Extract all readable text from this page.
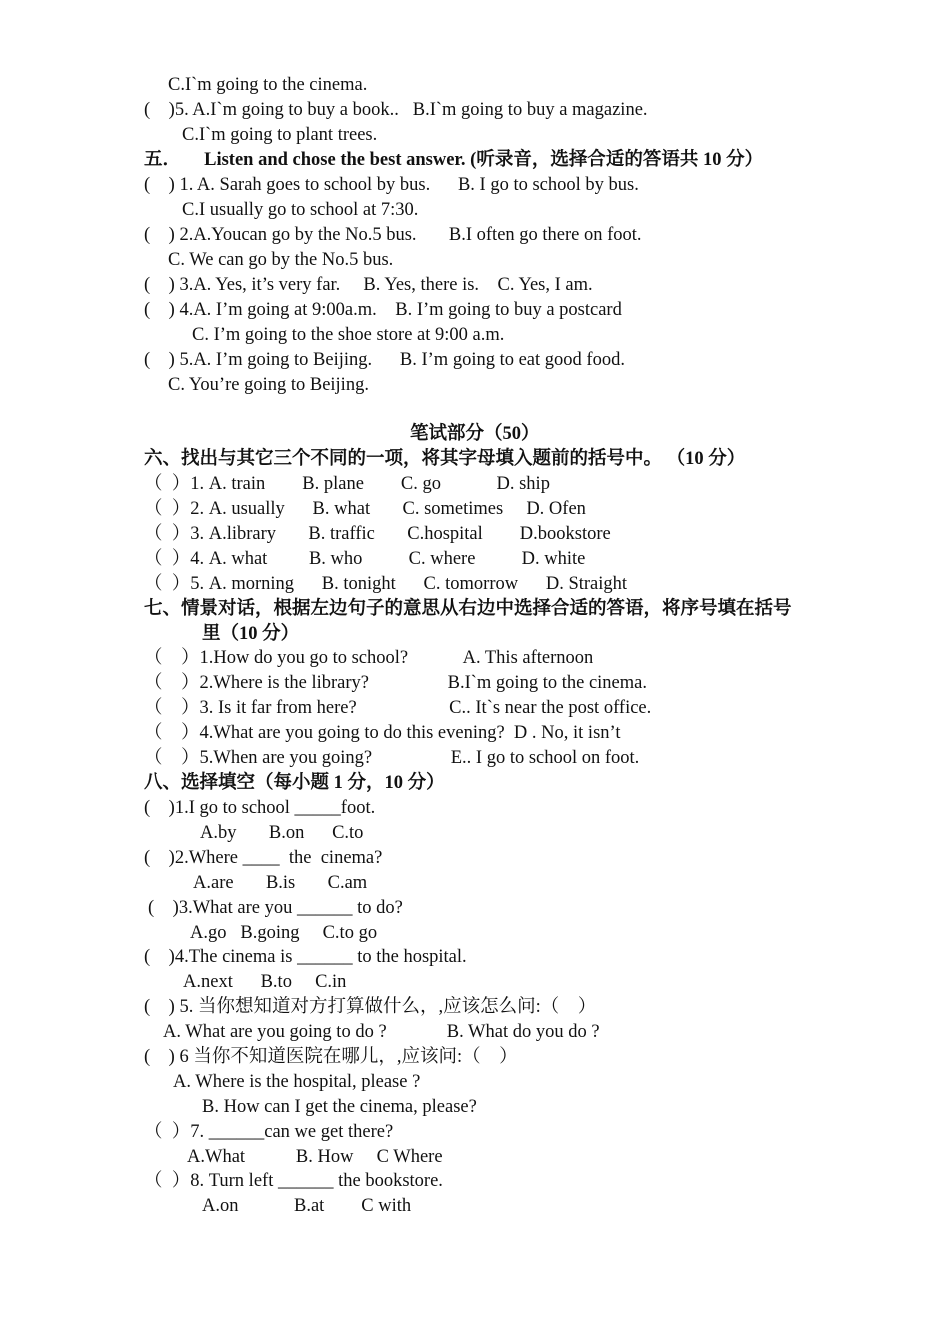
C.I`m going to the cinema.
(    )5. A.I`m going to buy a book..   B.I`m going to buy a magazine.
C.I`m going to plant trees.
五．     Listen and chose the best answer. (听录音，选择合适的答语共 10 分）
(    ) 1. A. Sarah goes to school by bus.      B. I go to school by bus.
C.I usually go to school at 7:30.
(    ) 2.A.Youcan go by the No.5 bus.       B.I often go there on foot.
C. We can go by the No.5 bus.
(    ) 3.A. Yes, it’s very far.     B. Yes, there is.    C. Yes, I am.
(    ) 4.A. I’m going at 9:00a.m.    B. I’m going to buy a postcard
C. I’m going to the shoe store at 9:00 a.m.
(    ) 5.A. I’m going to Beijing.      B. I’m going to eat good food.
C. You’re going to Beijing.
笔试部分（50）
六、找出与其它三个不同的一项，将其字母填入题前的括号中。 （10 分）
（  ）1. A. train        B. plane        C. go            D. ship
（  ）2. A. usually      B. what       C. sometimes     D. Ofen
（  ）3. A.library       B. traffic       C.hospital        D.bookstore
（  ）4. A. what         B. who          C. where          D. white
（  ）5. A. morning      B. tonight      C. tomorrow      D. Straight
七、情景对话，根据左边句子的意思从右边中选择合适的答语，将序号填在括号
里（10 分）
（    ）1.How do you go to school?            A. This afternoon
（    ）2.Where is the library?                 B.I`m going to the cinema.
（    ）3. Is it far from here?                    C.. It`s near the post office.
（    ）4.What are you going to do this evening?  D . No, it isn’t
（    ）5.When are you going?                 E.. I go to school on foot.
八、选择填空（每小题 1 分，10 分）
(    )1.I go to school _____foot.
A.by       B.on      C.to
(    )2.Where ____  the  cinema?
A.are       B.is       C.am
(    )3.What are you ______ to do?
A.go   B.going     C.to go
(    )4.The cinema is ______ to the hospital.
A.next      B.to     C.in
(    ) 5. 当你想知道对方打算做什么，,应该怎么问:（    ）
A. What are you going to do ?             B. What do you do ?
(    ) 6 当你不知道医院在哪儿，,应该问:（    ）
A. Where is the hospital, please ?
B. How can I get the cinema, please?
（  ）7. ______can we get there?
A.What           B. How     C Where
（  ）8. Turn left ______ the bookstore.
A.on            B.at        C with
